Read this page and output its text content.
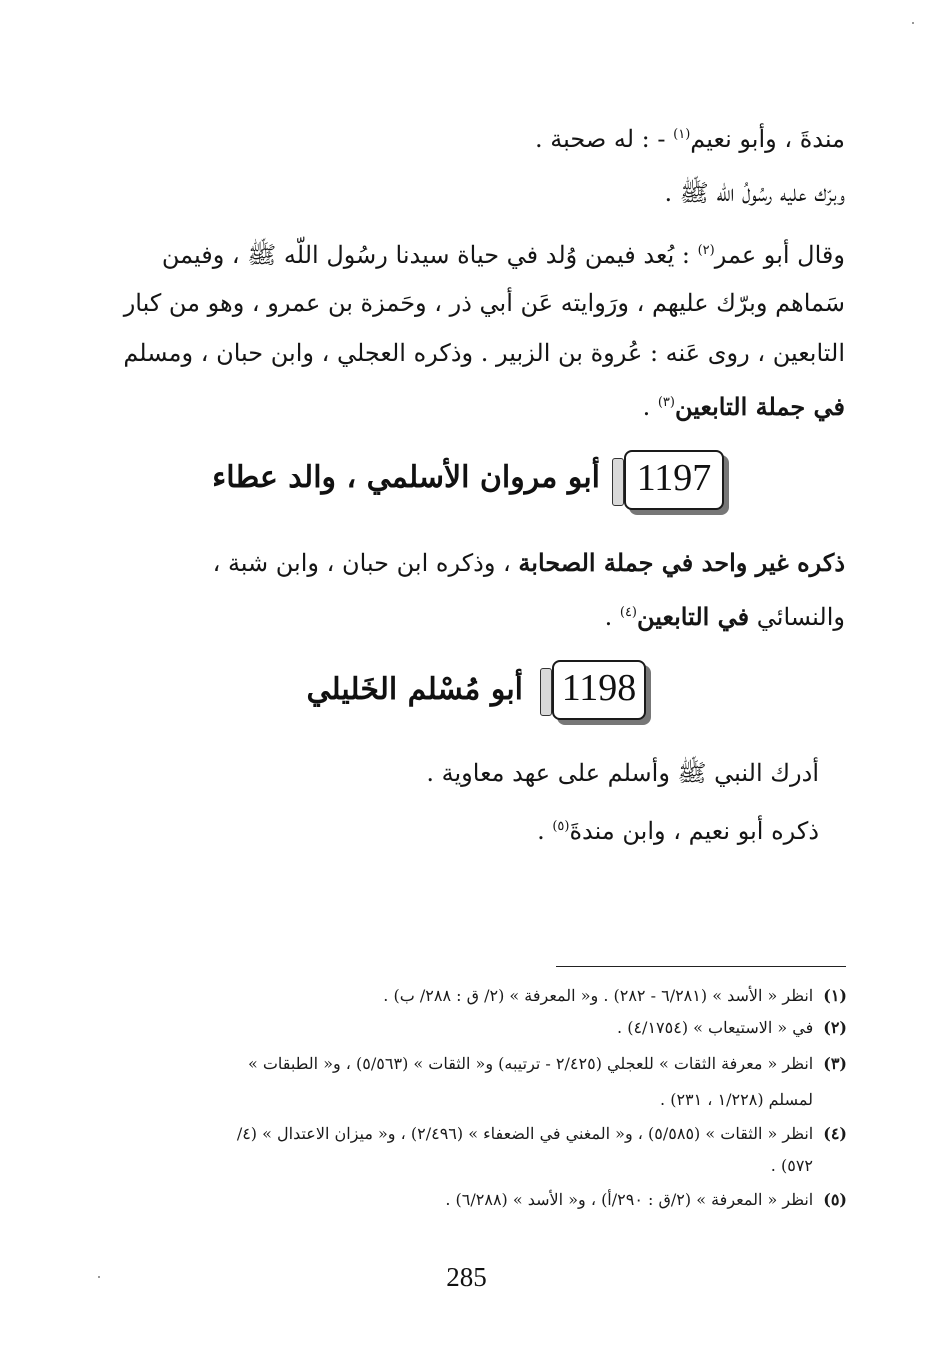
مندةَ ، وأبو نعيم$^{(١)}$ - : له صحبة .
وبرّك عليه رسُولُ اللّه ﷺ .
وقال أبو عمر$^{(٢)}$ : يُعد فيمن وُلد في حياة سيدنا رسُول اللّه ﷺ ، وفيمن
سَماهم وبرّك عليهم ، ورَوايته عَن أبي ذر ، وحَمزة بن عمرو ، وهو من كبار
التابعين ، روى عَنه : عُروة بن الزبير . وذكره العجلي ، وابن حبان ، ومسلم
في جملة التابعين$^{(٣)}$ .
1197
أبو مروان الأسلمي ، والد عطاء
ذكره غير واحد في جملة الصحابة ، وذكره ابن حبان ، وابن شبة ،
والنسائي في التابعين$^{(٤)}$ .
1198
أبو مُسْلم الخَليلي
أدرك النبي ﷺ وأسلم على عهد معاوية .
ذكره أبو نعيم ، وابن مندةَ$^{(٥)}$ .
(١)انظر « الأسد » (٦/٢٨١ - ٢٨٢) . و« المعرفة » (٢/ ق : ٢٨٨/ ب) .
(٢)في « الاستيعاب » (٤/١٧٥٤) .
(٣)انظر « معرفة الثقات » للعجلي (٢/٤٢٥ - ترتيبه) و« الثقات » (٥/٥٦٣) ، و« الطبقات »
لمسلم (١/٢٢٨ ، ٢٣١) .
(٤)انظر « الثقات » (٥/٥٨٥) ، و« المغني في الضعفاء » (٢/٤٩٦) ، و« ميزان الاعتدال » (٤/
٥٧٢) .
(٥)انظر « المعرفة » (٢/ق : ٢٩٠/أ) ، و« الأسد » (٦/٢٨٨) .
285
